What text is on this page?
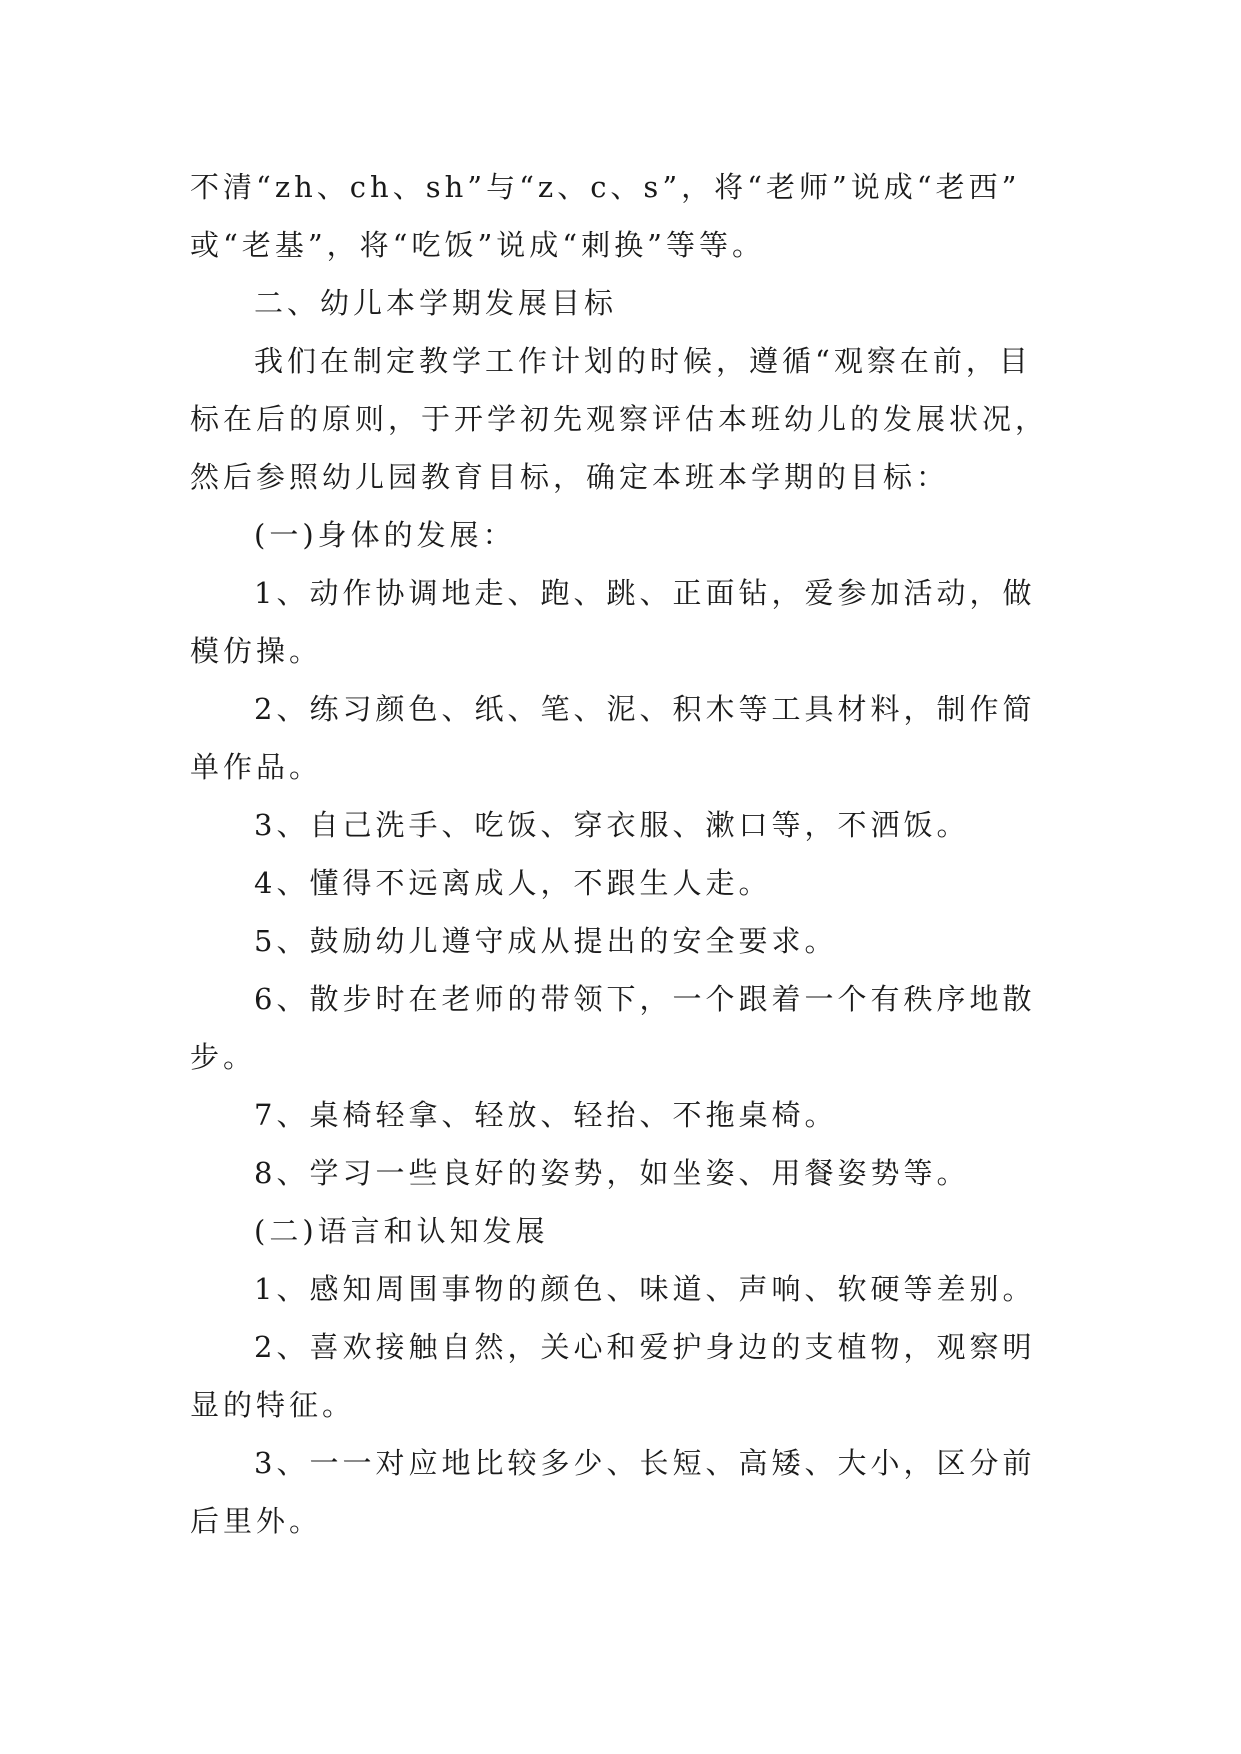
不清“zh、ch、sh”与“z、c、s”，将“老师”说成“老西”
或“老基”，将“吃饭”说成“刺换”等等。
二、幼儿本学期发展目标
我们在制定教学工作计划的时候，遵循“观察在前，目
标在后的原则，于开学初先观察评估本班幼儿的发展状况，
然后参照幼儿园教育目标，确定本班本学期的目标：
(一)身体的发展：
1、动作协调地走、跑、跳、正面钻，爱参加活动，做
模仿操。
2、练习颜色、纸、笔、泥、积木等工具材料，制作简
单作品。
3、自己洗手、吃饭、穿衣服、漱口等，不洒饭。
4、懂得不远离成人，不跟生人走。
5、鼓励幼儿遵守成从提出的安全要求。
6、散步时在老师的带领下，一个跟着一个有秩序地散
步。
7、桌椅轻拿、轻放、轻抬、不拖桌椅。
8、学习一些良好的姿势，如坐姿、用餐姿势等。
(二)语言和认知发展
1、感知周围事物的颜色、味道、声响、软硬等差别。
2、喜欢接触自然，关心和爱护身边的支植物，观察明
显的特征。
3、一一对应地比较多少、长短、高矮、大小，区分前
后里外。
